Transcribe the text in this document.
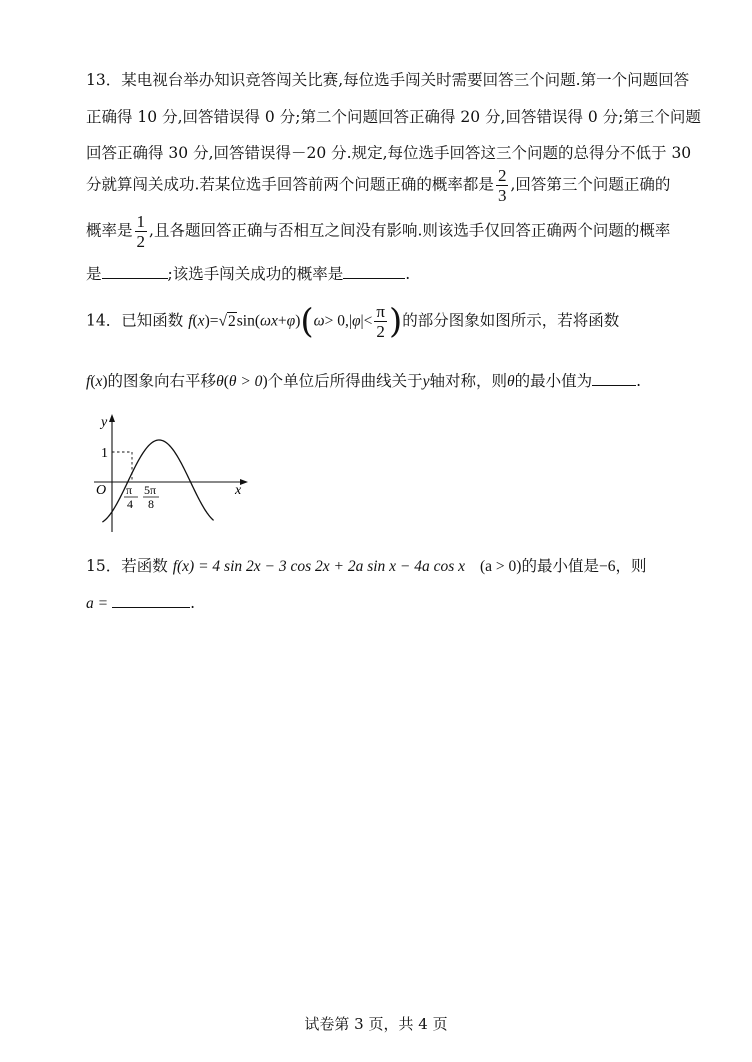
13．某电视台举办知识竞答闯关比赛,每位选手闯关时需要回答三个问题.第一个问题回答
正确得 10 分,回答错误得 0 分;第二个问题回答正确得 20 分,回答错误得 0 分;第三个问题
回答正确得 30 分,回答错误得－20 分.规定,每位选手回答这三个问题的总得分不低于 30
分就算闯关成功.若某位选手回答前两个问题正确的概率都是 $\frac{2}{3}$ ,回答第三个问题正确的
概率是 $\frac{1}{2}$ ,且各题回答正确与否相互之间没有影响.则该选手仅回答正确两个问题的概率
是	;该选手闯关成功的概率是	.
14．已知函数 $f(x)=√2\sin(\omega x+\varphi)(\omega> 0,|\varphi|< \frac{\pi}{2}$ )的部分图象如图所示，若将函数
f(x)的图象向右平移θ(θ > 0)个单位后所得曲线关于y轴对称，则θ的最小值为	.
y
x
O
1
π
4
5π
8
15．若函数 f(x) = 4 sin 2x − 3 cos 2x + 2a sin x − 4a cos x (a > 0)的最小值是−6，则
a =	.
试卷第 3 页，共 4 页
